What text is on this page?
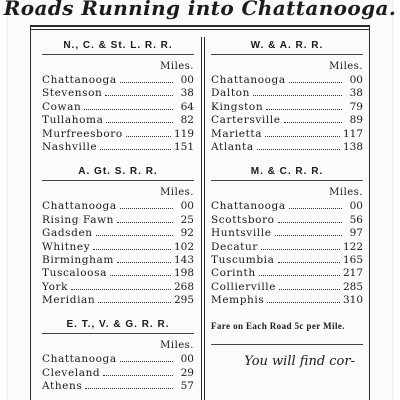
Roads Running into Chattanooga.
N., C. & St. L. R. R.
Miles.
Chattanooga	00
Stevenson	38
Cowan	64
Tullahoma	82
Murfreesboro	119
Nashville	151
A. Gt. S. R. R.
Miles.
Chattanooga	00
Rising Fawn	25
Gadsden	92
Whitney	102
Birmingham	143
Tuscaloosa	198
York	268
Meridian	295
E. T., V. & G. R. R.
Miles.
Chattanooga	00
Cleveland	29
Athens	57
W. & A. R. R.
Miles.
Chattanooga	00
Dalton	38
Kingston	79
Cartersville	89
Marietta	117
Atlanta	138
M. & C. R. R.
Miles.
Chattanooga	00
Scottsboro	56
Huntsville	97
Decatur	122
Tuscumbia	165
Corinth	217
Collierville	285
Memphis	310
Fare on Each Road 5c per Mile.
You will find cor-
